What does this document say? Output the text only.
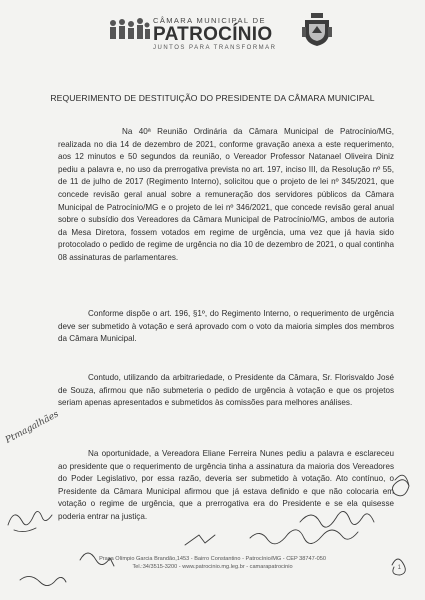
CÂMARA MUNICIPAL DE
PATROCÍNIO
JUNTOS PARA TRANSFORMAR
REQUERIMENTO DE DESTITUIÇÃO DO PRESIDENTE DA CÂMARA MUNICIPAL

Na 40ª Reunião Ordinária da Câmara Municipal de Patrocínio/MG, realizada no dia 14 de dezembro de 2021, conforme gravação anexa a este requerimento, aos 12 minutos e 50 segundos da reunião, o Vereador Professor Natanael Oliveira Diniz pediu a palavra e, no uso da prerrogativa prevista no art. 197, inciso III, da Resolução nº 55, de 11 de julho de 2017 (Regimento Interno), solicitou que o projeto de lei nº 345/2021, que concede revisão geral anual sobre a remuneração dos servidores públicos da Câmara Municipal de Patrocínio/MG e o projeto de lei nº 346/2021, que concede revisão geral anual sobre o subsídio dos Vereadores da Câmara Municipal de Patrocínio/MG, ambos de autoria da Mesa Diretora, fossem votados em regime de urgência, uma vez que já havia sido protocolado o pedido de regime de urgência no dia 10 de dezembro de 2021, o qual continha 08 assinaturas de parlamentares.

Conforme dispõe o art. 196, §1º, do Regimento Interno, o requerimento de urgência deve ser submetido à votação e será aprovado com o voto da maioria simples dos membros da Câmara Municipal.

Contudo, utilizando da arbitrariedade, o Presidente da Câmara, Sr. Florisvaldo José de Souza, afirmou que não submeteria o pedido de urgência à votação e que os projetos seriam apenas apresentados e submetidos às comissões para melhores análises.

Na oportunidade, a Vereadora Eliane Ferreira Nunes pediu a palavra e esclareceu ao presidente que o requerimento de urgência tinha a assinatura da maioria dos Vereadores do Poder Legislativo, por essa razão, deveria ser submetido à votação. Ato contínuo, o Presidente da Câmara Municipal afirmou que já estava definido e que não colocaria em votação o regime de urgência, que a prerrogativa era do Presidente e se ela quisesse poderia entrar na justiça.

Ptmagalhães
Praça Olímpio Garcia Brandão,1453 - Bairro Constantino - Patrocínio/MG - CEP 38747-050
Tel.:34/3515-3200 - www.patrocinio.mg.leg.br - camarapatrocinio	1
